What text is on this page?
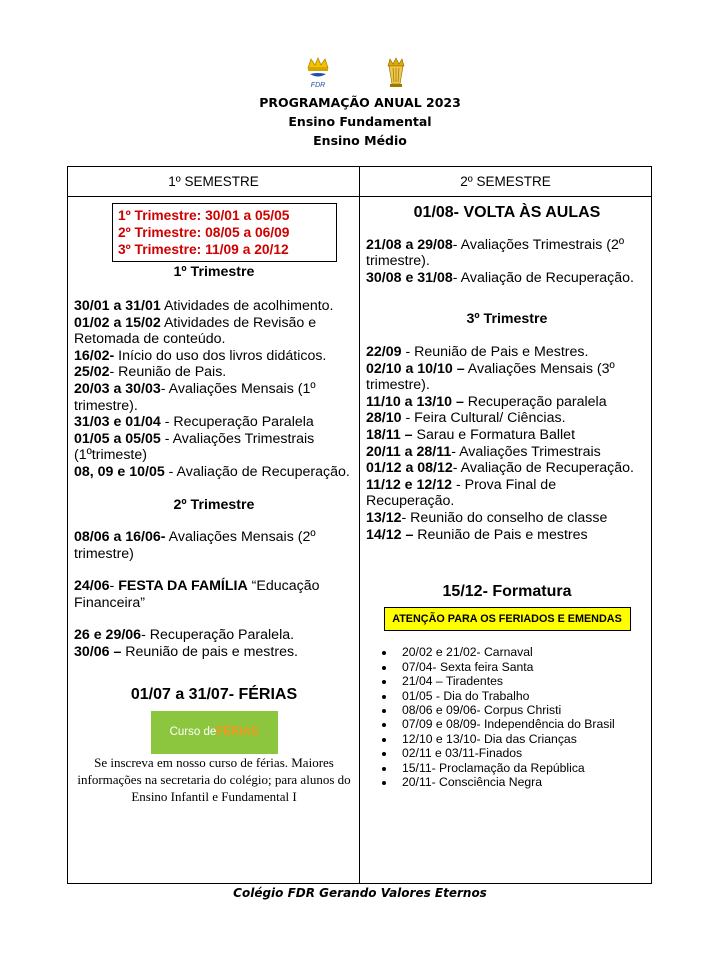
FDR
PROGRAMAÇÃO ANUAL 2023
Ensino Fundamental
Ensino Médio
1º SEMESTRE	2º SEMESTRE
1º Trimestre: 30/01 a 05/05
2º Trimestre: 08/05 a 06/09
3º Trimestre: 11/09 a 20/12

1º Trimestre

30/01 a 31/01 Atividades de acolhimento.

01/02 a 15/02 Atividades de Revisão e Retomada de conteúdo.

16/02- Início do uso dos livros didáticos.

25/02- Reunião de Pais.

20/03 a 30/03- Avaliações Mensais (1º trimestre).

31/03 e 01/04 - Recuperação Paralela

01/05 a 05/05 - Avaliações Trimestrais (1ºtrimeste)

08, 09 e 10/05 - Avaliação de Recuperação.

2º Trimestre

08/06 a 16/06- Avaliações Mensais (2º trimestre)

24/06- FESTA DA FAMÍLIA “Educação Financeira”

26 e 29/06- Recuperação Paralela.

30/06 – Reunião de pais e mestres.

01/07 a 31/07- FÉRIAS

Curso de FÉRIAS

Se inscreva em nosso curso de férias. Maiores informações na secretaria do colégio; para alunos do Ensino Infantil e Fundamental I

01/08- VOLTA ÀS AULAS

21/08 a 29/08- Avaliações Trimestrais (2º trimestre).

30/08 e 31/08- Avaliação de Recuperação.

3º Trimestre

22/09 - Reunião de Pais e Mestres.

02/10 a 10/10 – Avaliações Mensais (3º trimestre).

11/10 a 13/10 – Recuperação paralela

28/10 - Feira Cultural/ Ciências.

18/11 – Sarau e Formatura Ballet

20/11 a 28/11- Avaliações Trimestrais

01/12 a 08/12- Avaliação de Recuperação.

11/12 e 12/12 - Prova Final de Recuperação.

13/12- Reunião do conselho de classe

14/12 – Reunião de Pais e mestres

15/12- Formatura

ATENÇÃO PARA OS FERIADOS E EMENDAS
• 20/02 e 21/02- Carnaval
• 07/04- Sexta feira Santa
• 21/04 – Tiradentes
• 01/05 - Dia do Trabalho
• 08/06 e 09/06- Corpus Christi
• 07/09 e 08/09- Independência do Brasil
• 12/10 e 13/10- Dia das Crianças
• 02/11 e 03/11-Finados
• 15/11- Proclamação da República
• 20/11- Consciência Negra
Colégio FDR Gerando Valores Eternos
